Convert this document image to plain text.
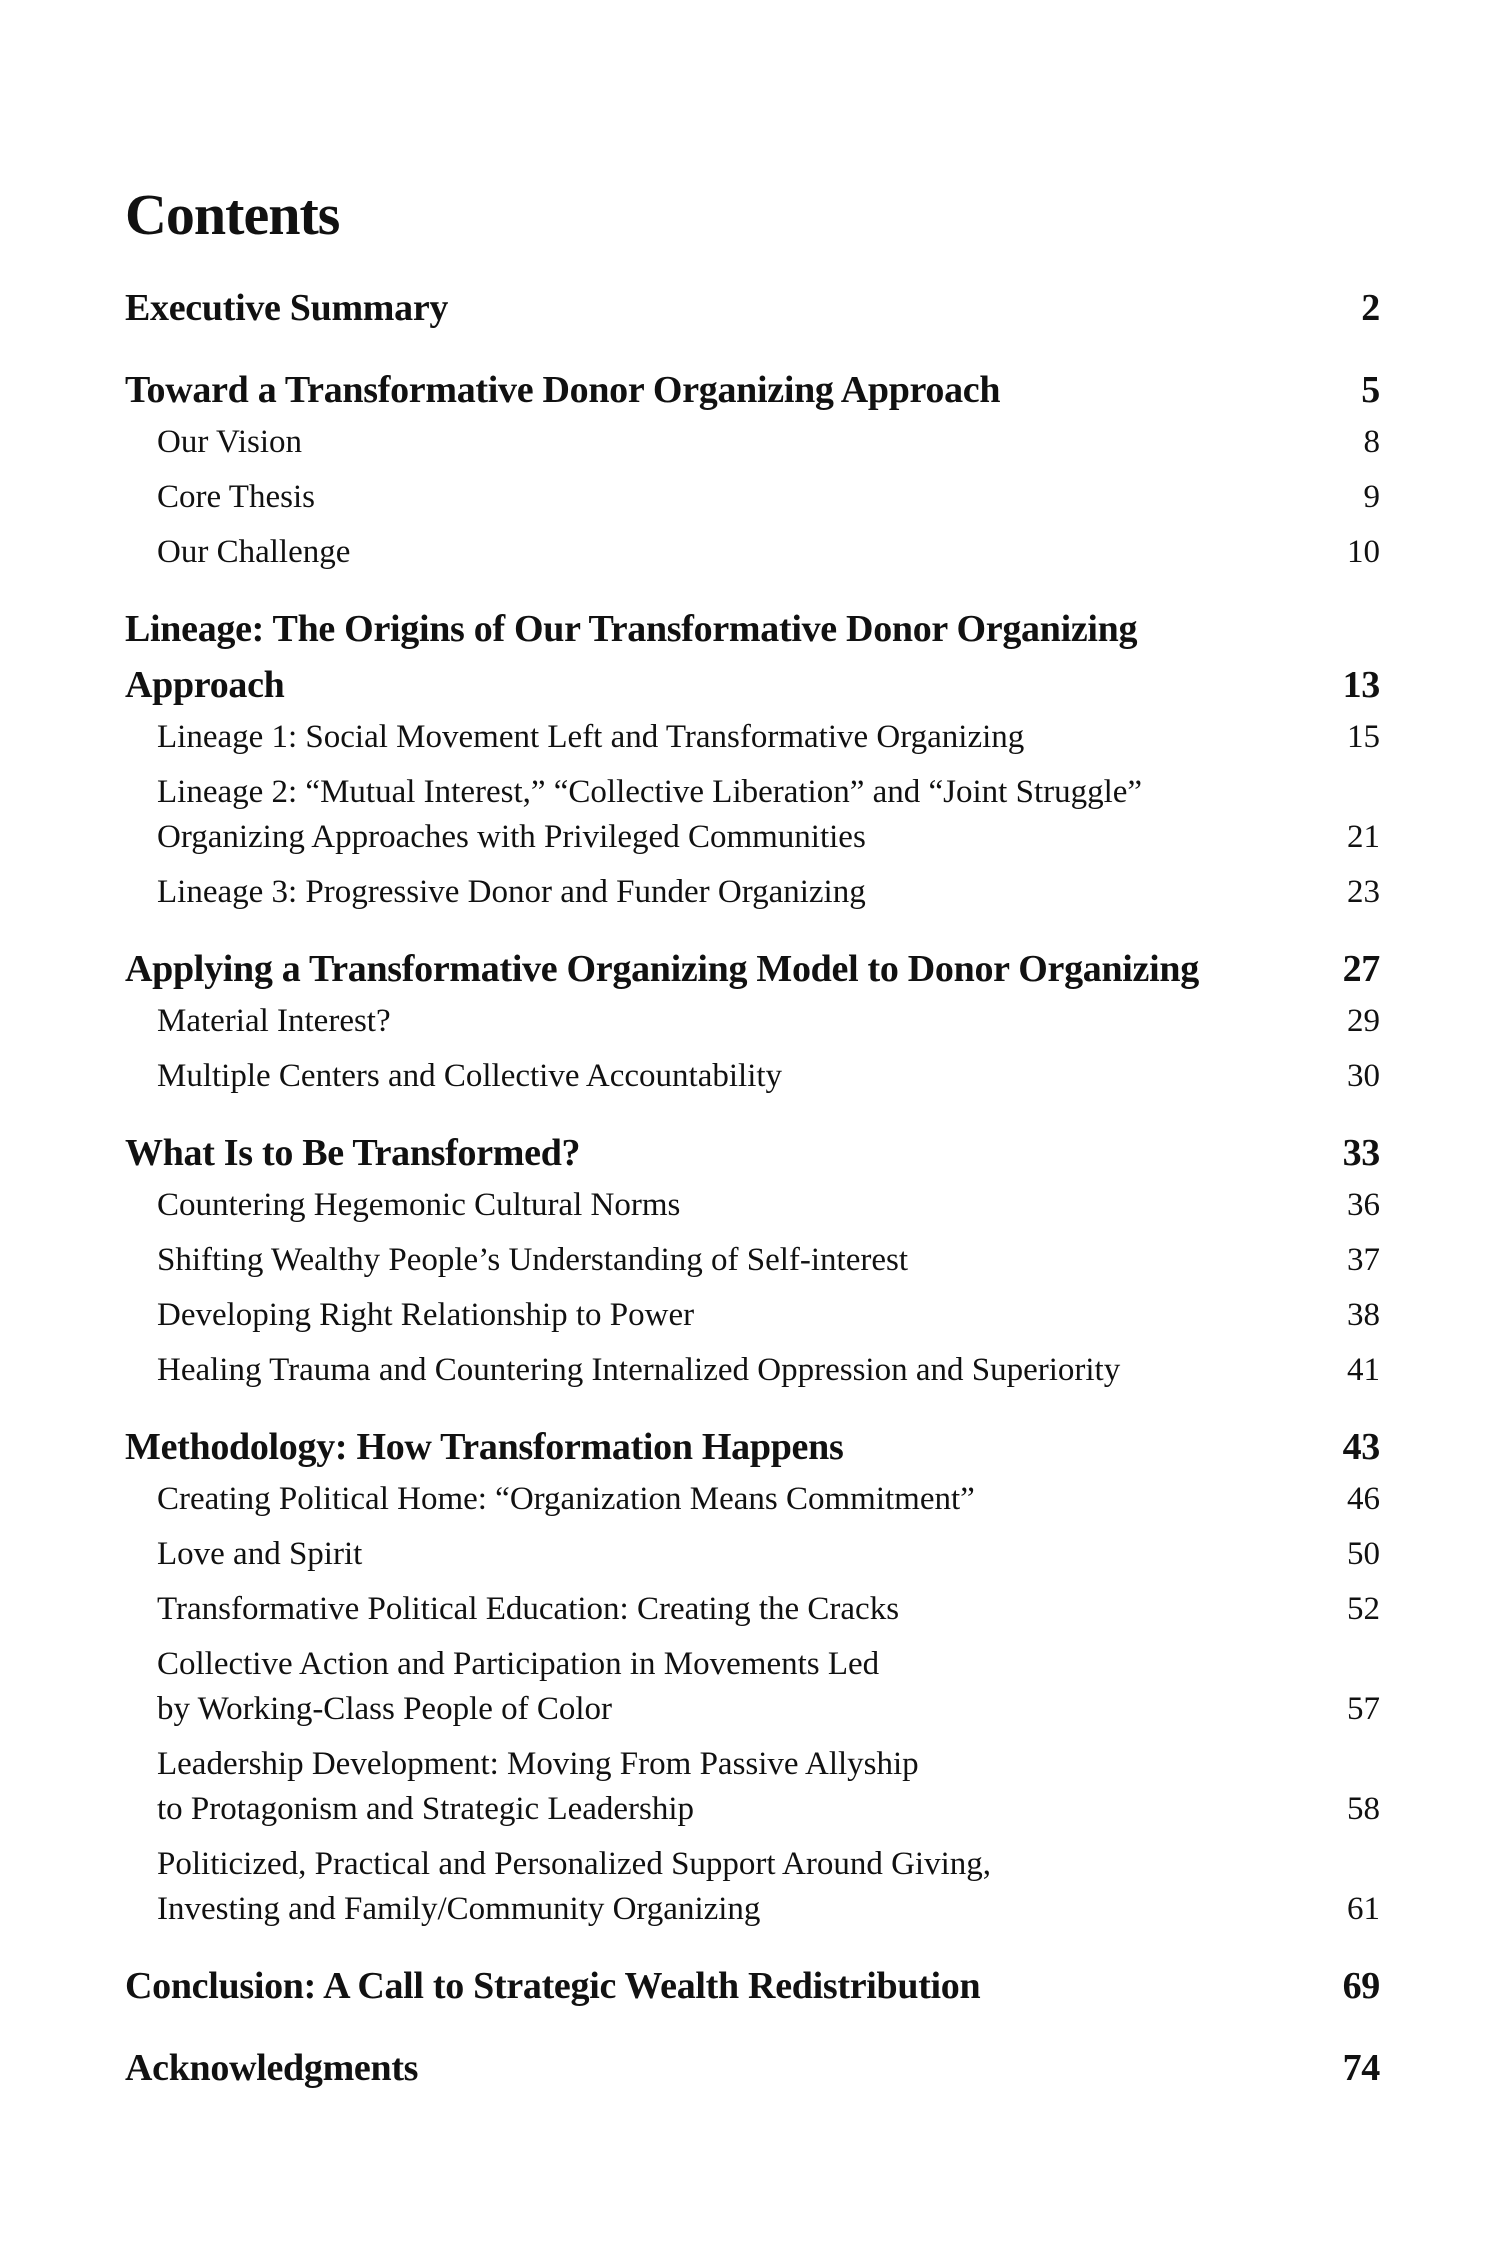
Contents
Executive Summary	2
Toward a Transformative Donor Organizing Approach	5
Our Vision	8
Core Thesis	9
Our Challenge	10
Lineage: The Origins of Our Transformative Donor Organizing
Approach	13
Lineage 1: Social Movement Left and Transformative Organizing	15
Lineage 2: “Mutual Interest,” “Collective Liberation” and “Joint Struggle”
Organizing Approaches with Privileged Communities	21
Lineage 3: Progressive Donor and Funder Organizing	23
Applying a Transformative Organizing Model to Donor Organizing	27
Material Interest?	29
Multiple Centers and Collective Accountability	30
What Is to Be Transformed?	33
Countering Hegemonic Cultural Norms	36
Shifting Wealthy People’s Understanding of Self-interest	37
Developing Right Relationship to Power	38
Healing Trauma and Countering Internalized Oppression and Superiority	41
Methodology: How Transformation Happens	43
Creating Political Home: “Organization Means Commitment”	46
Love and Spirit	50
Transformative Political Education: Creating the Cracks	52
Collective Action and Participation in Movements Led
by Working-Class People of Color	57
Leadership Development: Moving From Passive Allyship
to Protagonism and Strategic Leadership	58
Politicized, Practical and Personalized Support Around Giving,
Investing and Family/Community Organizing	61
Conclusion: A Call to Strategic Wealth Redistribution	69
Acknowledgments	74
